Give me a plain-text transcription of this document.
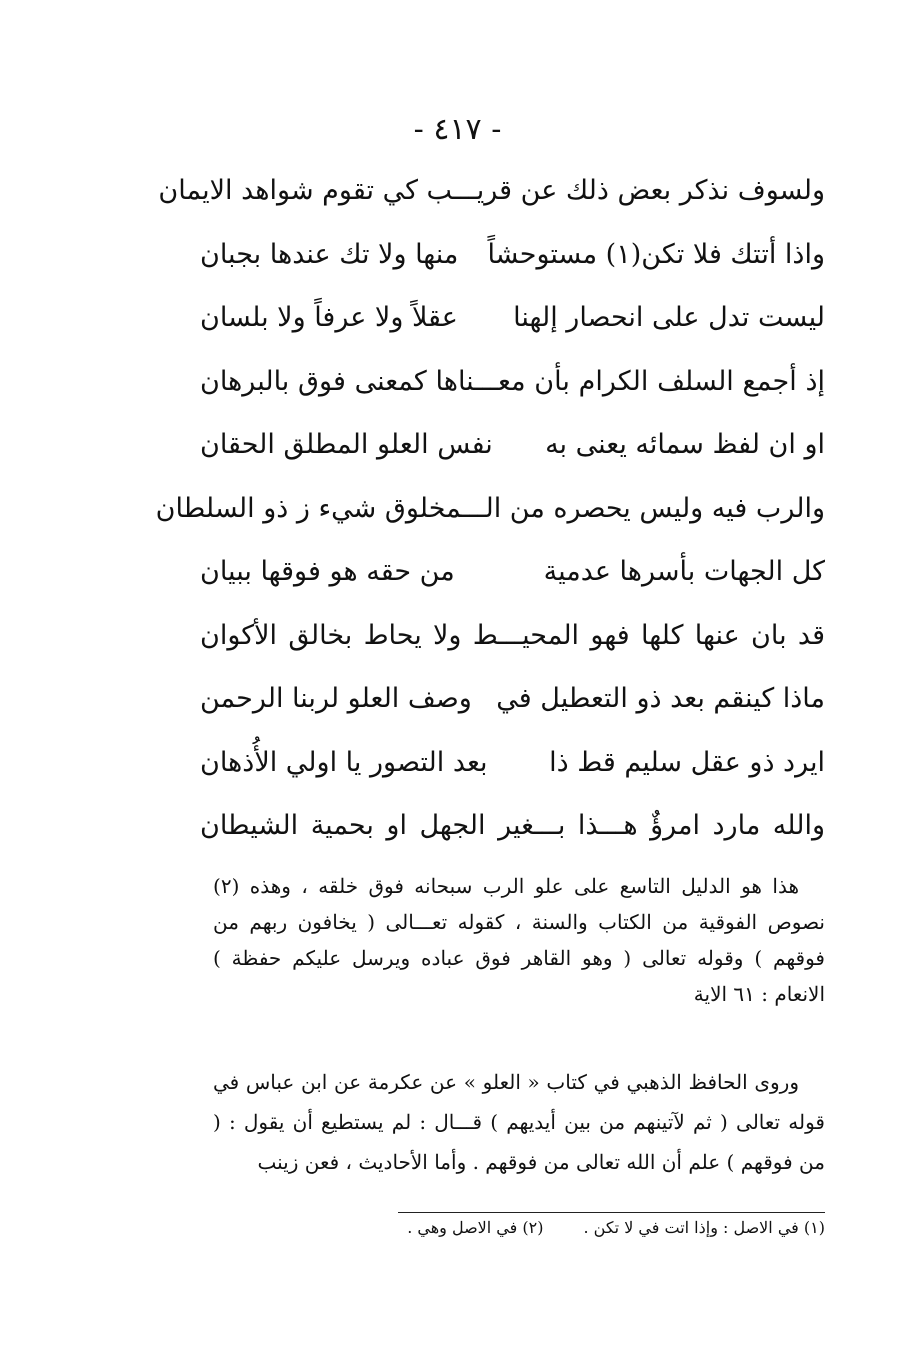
- ٤١٧ -
ولسوف نذكر بعض ذلك عن قريـــب كي تقوم شواهد الايمان
واذا أتتك فلا تكن(١) مستوحشاً
منها ولا تك عندها بجبان
ليست تدل على انحصار إلهنا
عقلاً ولا عرفاً ولا بلسان
إذ أجمع السلف الكرام بأن معـــناها كمعنى فوق بالبرهان
او ان لفظ سمائه يعنى به
نفس العلو المطلق الحقان
والرب فيه وليس يحصره من الـــمخلوق شيء ز ذو السلطان
كل الجهات بأسرها عدمية
من حقه هو فوقها ببيان
قد بان عنها كلها فهو المحيـــط ولا يحاط بخالق الأكوان
ماذا كينقم بعد ذو التعطيل في
وصف العلو لربنا الرحمن
ايرد ذو عقل سليم قط ذا
بعد التصور يا اولي الأُذهان
والله مارد امرؤٌ هـــذا بـــغير الجهل او بحمية الشيطان

هذا هو الدليل التاسع على علو الرب سبحانه فوق خلقه ، وهذه (٢) نصوص الفوقية من الكتاب والسنة ، كقوله تعـــالى ( يخافون ربهم من فوقهم ) وقوله تعالى ( وهو القاهر فوق عباده ويرسل عليكم حفظة ) الانعام : ٦١ الاية

وروى الحافظ الذهبي في كتاب « العلو » عن عكرمة عن ابن عباس في قوله تعالى ( ثم لآتينهم من بين أيديهم ) قـــال : لم يستطيع أن يقول : ( من فوقهم ) علم أن الله تعالى من فوقهم . وأما الأحاديث ، فعن زينب

(١) في الاصل : وإذا اتت في لا تكن .(٢) في الاصل وهي .
